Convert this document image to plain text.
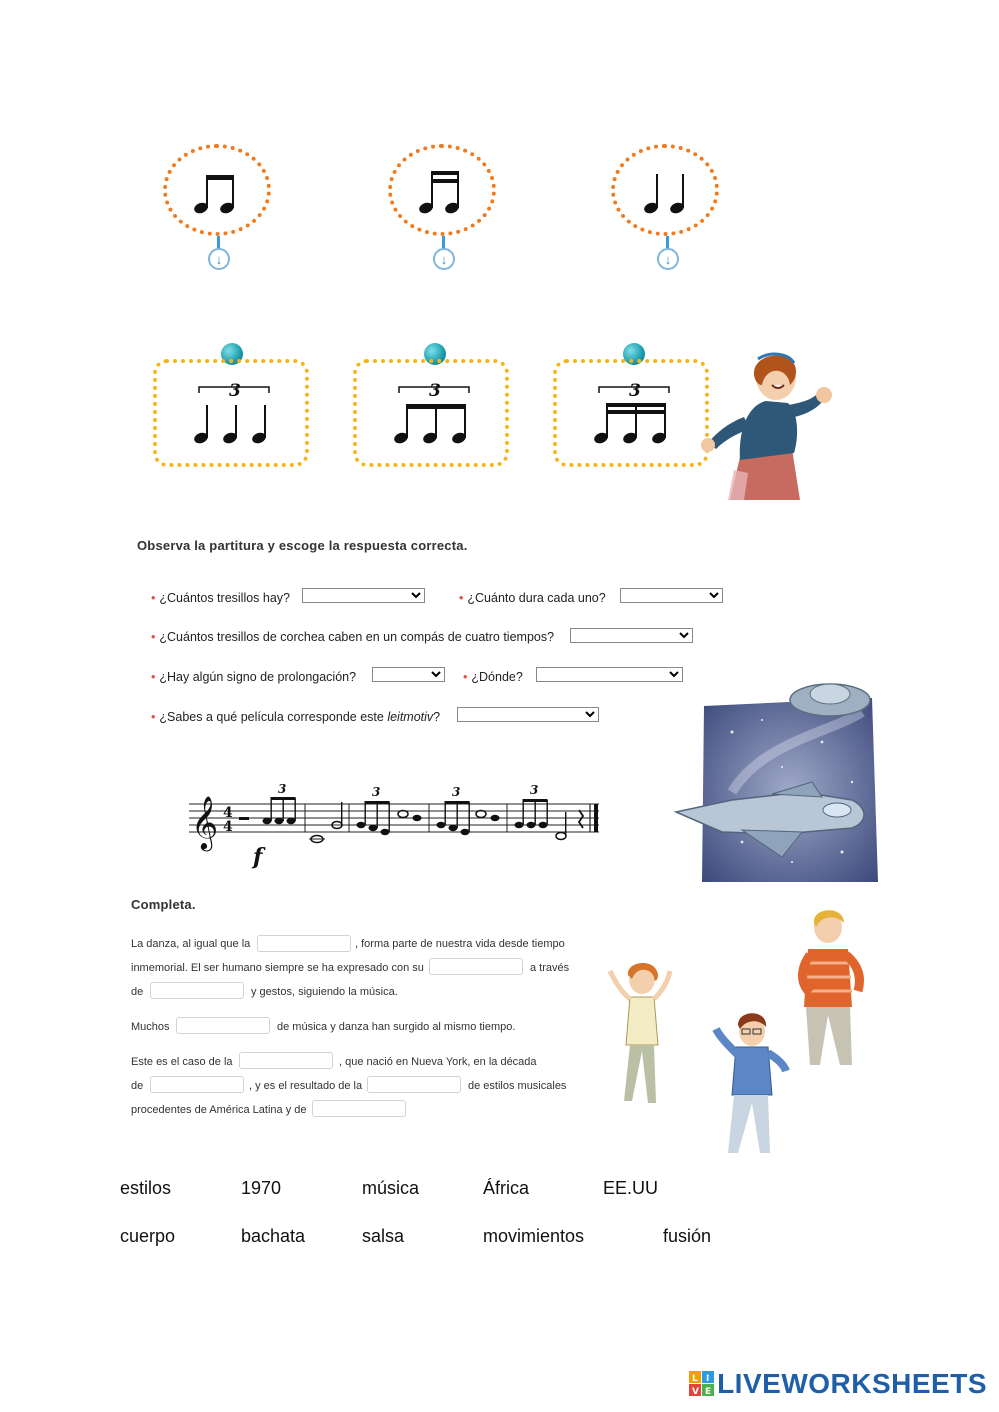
↓	↓	↓
3	3	3
Observa la partitura y escoge la respuesta correcta.
• ¿Cuántos tresillos hay?	• ¿Cuánto dura cada uno?
• ¿Cuántos tresillos de corchea caben en un compás de cuatro tiempos?
• ¿Hay algún signo de prolongación?	• ¿Dónde?
• ¿Sabes a qué película corresponde este leitmotiv?
𝄞 4
4
f
3	3	3	3
Completa.
La danza, al igual que la	, forma parte de nuestra vida desde tiempo
inmemorial. El ser humano siempre se ha expresado con su	a través
de	y gestos, siguiendo la música.
Muchos	de música y danza han surgido al mismo tiempo.
Este es el caso de la	, que nació en Nueva York, en la década
de	, y es el resultado de la	de estilos musicales
procedentes de América Latina y de
estilos	1970	música	África	EE.UU
cuerpo	bachata	salsa	movimientos	fusión
L I
V E LIVEWORKSHEETS
